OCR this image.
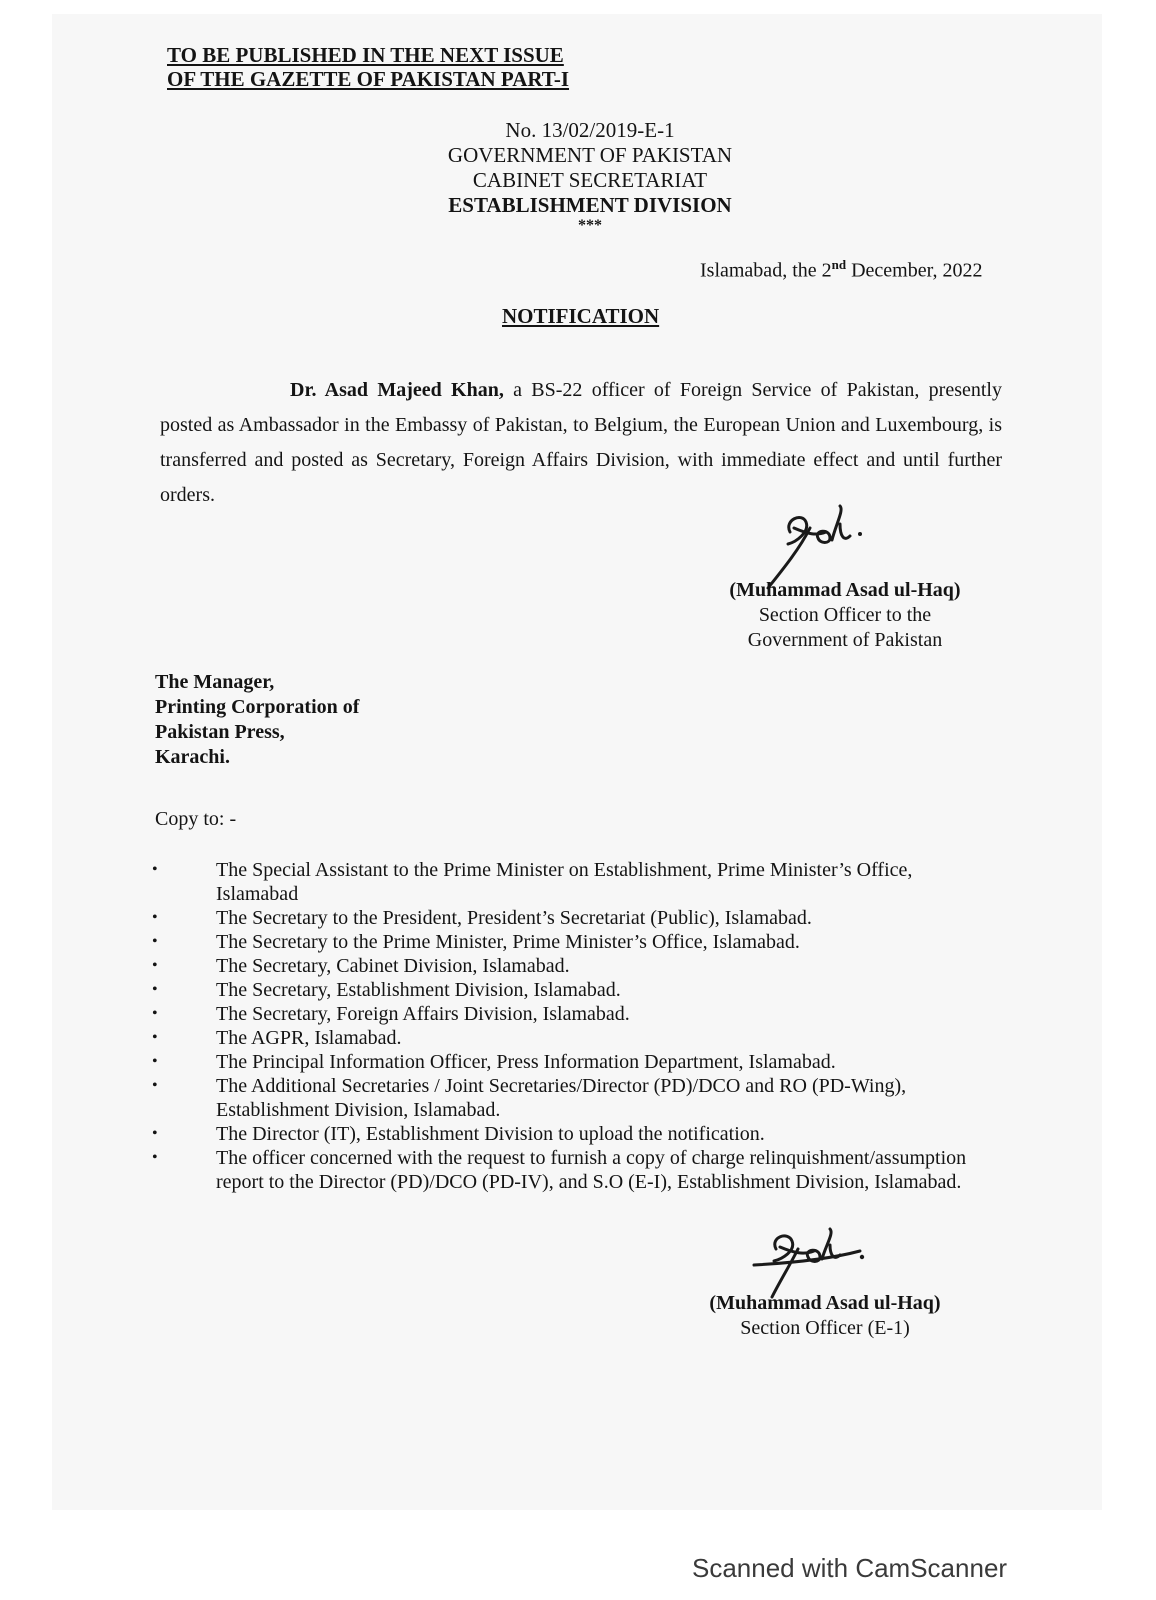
TO BE PUBLISHED IN THE NEXT ISSUE
OF THE GAZETTE OF PAKISTAN PART-I
No. 13/02/2019-E-1
GOVERNMENT OF PAKISTAN
CABINET SECRETARIAT
ESTABLISHMENT DIVISION
***
Islamabad, the 2nd December, 2022
NOTIFICATION
Dr. Asad Majeed Khan, a BS-22 officer of Foreign Service of Pakistan, presently posted as Ambassador in the Embassy of Pakistan, to Belgium, the European Union and Luxembourg, is transferred and posted as Secretary, Foreign Affairs Division, with immediate effect and until further orders.
(Muhammad Asad ul-Haq)
Section Officer to the
Government of Pakistan
The Manager,
Printing Corporation of
Pakistan Press,
Karachi.
Copy to: -
•	The Special Assistant to the Prime Minister on Establishment, Prime Minister’s Office, Islamabad
•	The Secretary to the President, President’s Secretariat (Public), Islamabad.
•	The Secretary to the Prime Minister, Prime Minister’s Office, Islamabad.
•	The Secretary, Cabinet Division, Islamabad.
•	The Secretary, Establishment Division, Islamabad.
•	The Secretary, Foreign Affairs Division, Islamabad.
•	The AGPR, Islamabad.
•	The Principal Information Officer, Press Information Department, Islamabad.
•	The Additional Secretaries / Joint Secretaries/Director (PD)/DCO and RO (PD-Wing), Establishment Division, Islamabad.
•	The Director (IT), Establishment Division to upload the notification.
•	The officer concerned with the request to furnish a copy of charge relinquishment/assumption report to the Director (PD)/DCO (PD-IV), and S.O (E-I), Establishment Division, Islamabad.
(Muhammad Asad ul-Haq)
Section Officer (E-1)
Scanned with CamScanner
